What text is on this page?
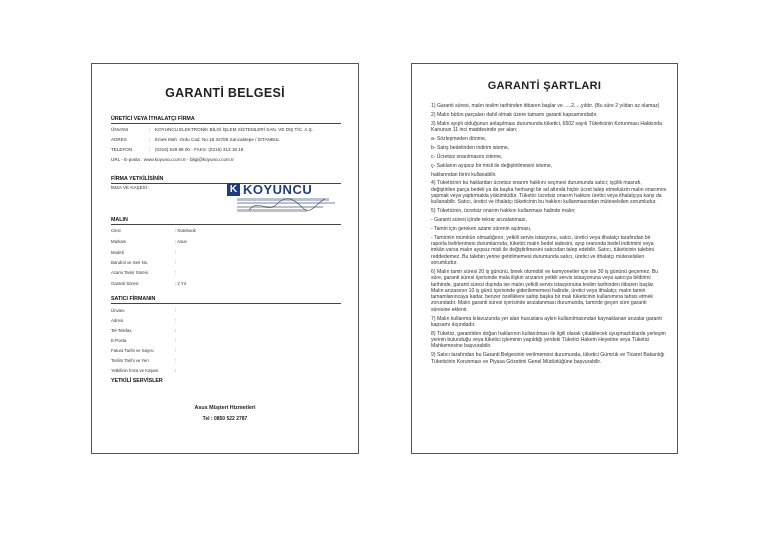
GARANTİ BELGESİ
ÜRETİCİ VEYA İTHALATÇI FİRMA
ÜNVANI	: KOYUNCU ELEKTRONİK BİLGİ İŞLEM SİSTEMLERİ SAN. VE DIŞ TİC. A.Ş.
ADRES	: Emek Mah. Ordu Cad. No.18 34785 Sancaktepe / İSTANBUL
TELEFON	: (0216) 528 88 00 - FAKS: (0216) 313 18 18
URL - E-posta : www.koyuncu.com.tr - bilgi@koyuncu.com.tr
FİRMA YETKİLİSİNİN
İMZA VE KAŞESİ :	K KOYUNCU
MALIN
Cinsi	: Notebook
Markası	: Asus
Modeli	:
Bandrol ve Seri No.	:
Azami Tamir Süresi	:
Garanti Süresi	: 2 Yıl
SATICI FİRMANIN
Ünvanı	:
Adresi	:
Tel-Telefax	:
E-Posta	:
Fatura Tarihi ve Sayısı	:
Teslim Tarihi ve Yeri	:
Yetkilinin İmza ve Kaşesi	:
YETKİLİ SERVİSLER
Asus Müşteri Hizmetleri
Tel : 0850 522 2787
GARANTİ ŞARTLARI

1) Garanti süresi, malın teslim tarihinden itibaren başlar ve .....2.....yıldır. (Bu süre 2 yıldan az olamaz)

2) Malın bütün parçaları dahil olmak üzere tamamı garanti kapsamındadır.

3) Malın ayıplı olduğunun anlaşılması durumunda tüketici, 6502 sayılı Tüketicinin Korunması Hakkında Kanunun 11 inci maddesinde yer alan;

a- Sözleşmeden dönme,

b- Satış bedelinden indirim isteme,

c- Ücretsiz onarılmasını isteme,

ç- Satılanın ayıpsız bir misli ile değiştirilmesini isteme,

haklarından birini kullanabilir.

4) Tüketicinin bu haklardan ücretsiz onarım hakkını seçmesi durumunda satıcı; işçilik masrafı, değiştirilen parça bedeli ya da başka herhangi bir ad altında hiçbir ücret talep etmeksizin malın onarımını yapmak veya yaptırmakla yükümlüdür. Tüketici ücretsiz onarım hakkını üretici veya ithalatçıya karşı da kullanabilir. Satıcı, üretici ve ithalatçı tüketicinin bu hakkını kullanmasından müteselsilen sorumludur.

5) Tüketicinin, ücretsiz onarım hakkını kullanması halinde malın;

- Garanti süresi içinde tekrar arızalanması,

- Tamiri için gereken azami sürenin aşılması,

- Tamirinin mümkün olmadığının, yetkili servis istasyonu, satıcı, üretici veya ithalatçı tarafından bir raporla belirlenmesi durumlarında; tüketici malın bedel iadesini, ayıp oranında bedel indirimini veya imkân varsa malın ayıpsız misli ile değiştirilmesini satıcıdan talep edebilir. Satıcı, tüketicinin talebini reddedemez. Bu talebin yerine getirilmemesi durumunda satıcı, üretici ve ithalatçı müteselsilen sorumludur.

6) Malın tamir süresi 20 iş gününü, binek otomobil ve kamyonetler için ise 30 iş gününü geçemez. Bu süre, garanti süresi içerisinde mala ilişkin arızanın yetkili servis istasyonuna veya satıcıya bildirimi tarihinde, garanti süresi dışında ise malın yetkili servis istasyonuna teslim tarihinden itibaren başlar. Malın arızasının 10 iş günü içerisinde giderilememesi halinde, üretici veya ithalatçı; malın tamiri tamamlanıncaya kadar, benzer özelliklere sahip başka bir malı tüketicinin kullanımına tahsis etmek zorundadır. Malın garanti süresi içerisinde arızalanması durumunda, tamirde geçen süre garanti süresine eklenir.

7) Malın kullanma kılavuzunda yer alan hususlara aykırı kullanılmasından kaynaklanan arızalar garanti kapsamı dışındadır.

8) Tüketici, garantiden doğan haklarının kullanılması ile ilgili olarak çıkabilecek uyuşmazlıklarda yerleşim yerinin bulunduğu veya tüketici işleminin yapıldığı yerdeki Tüketici Hakem Heyetine veya Tüketici Mahkemesine başvurabilir.

9) Satıcı tarafından bu Garanti Belgesinin verilmemesi durumunda, tüketici Gümrük ve Ticaret Bakanlığı Tüketicinin Korunması ve Piyasa Gözetimi Genel Müdürlüğüne başvurabilir.
